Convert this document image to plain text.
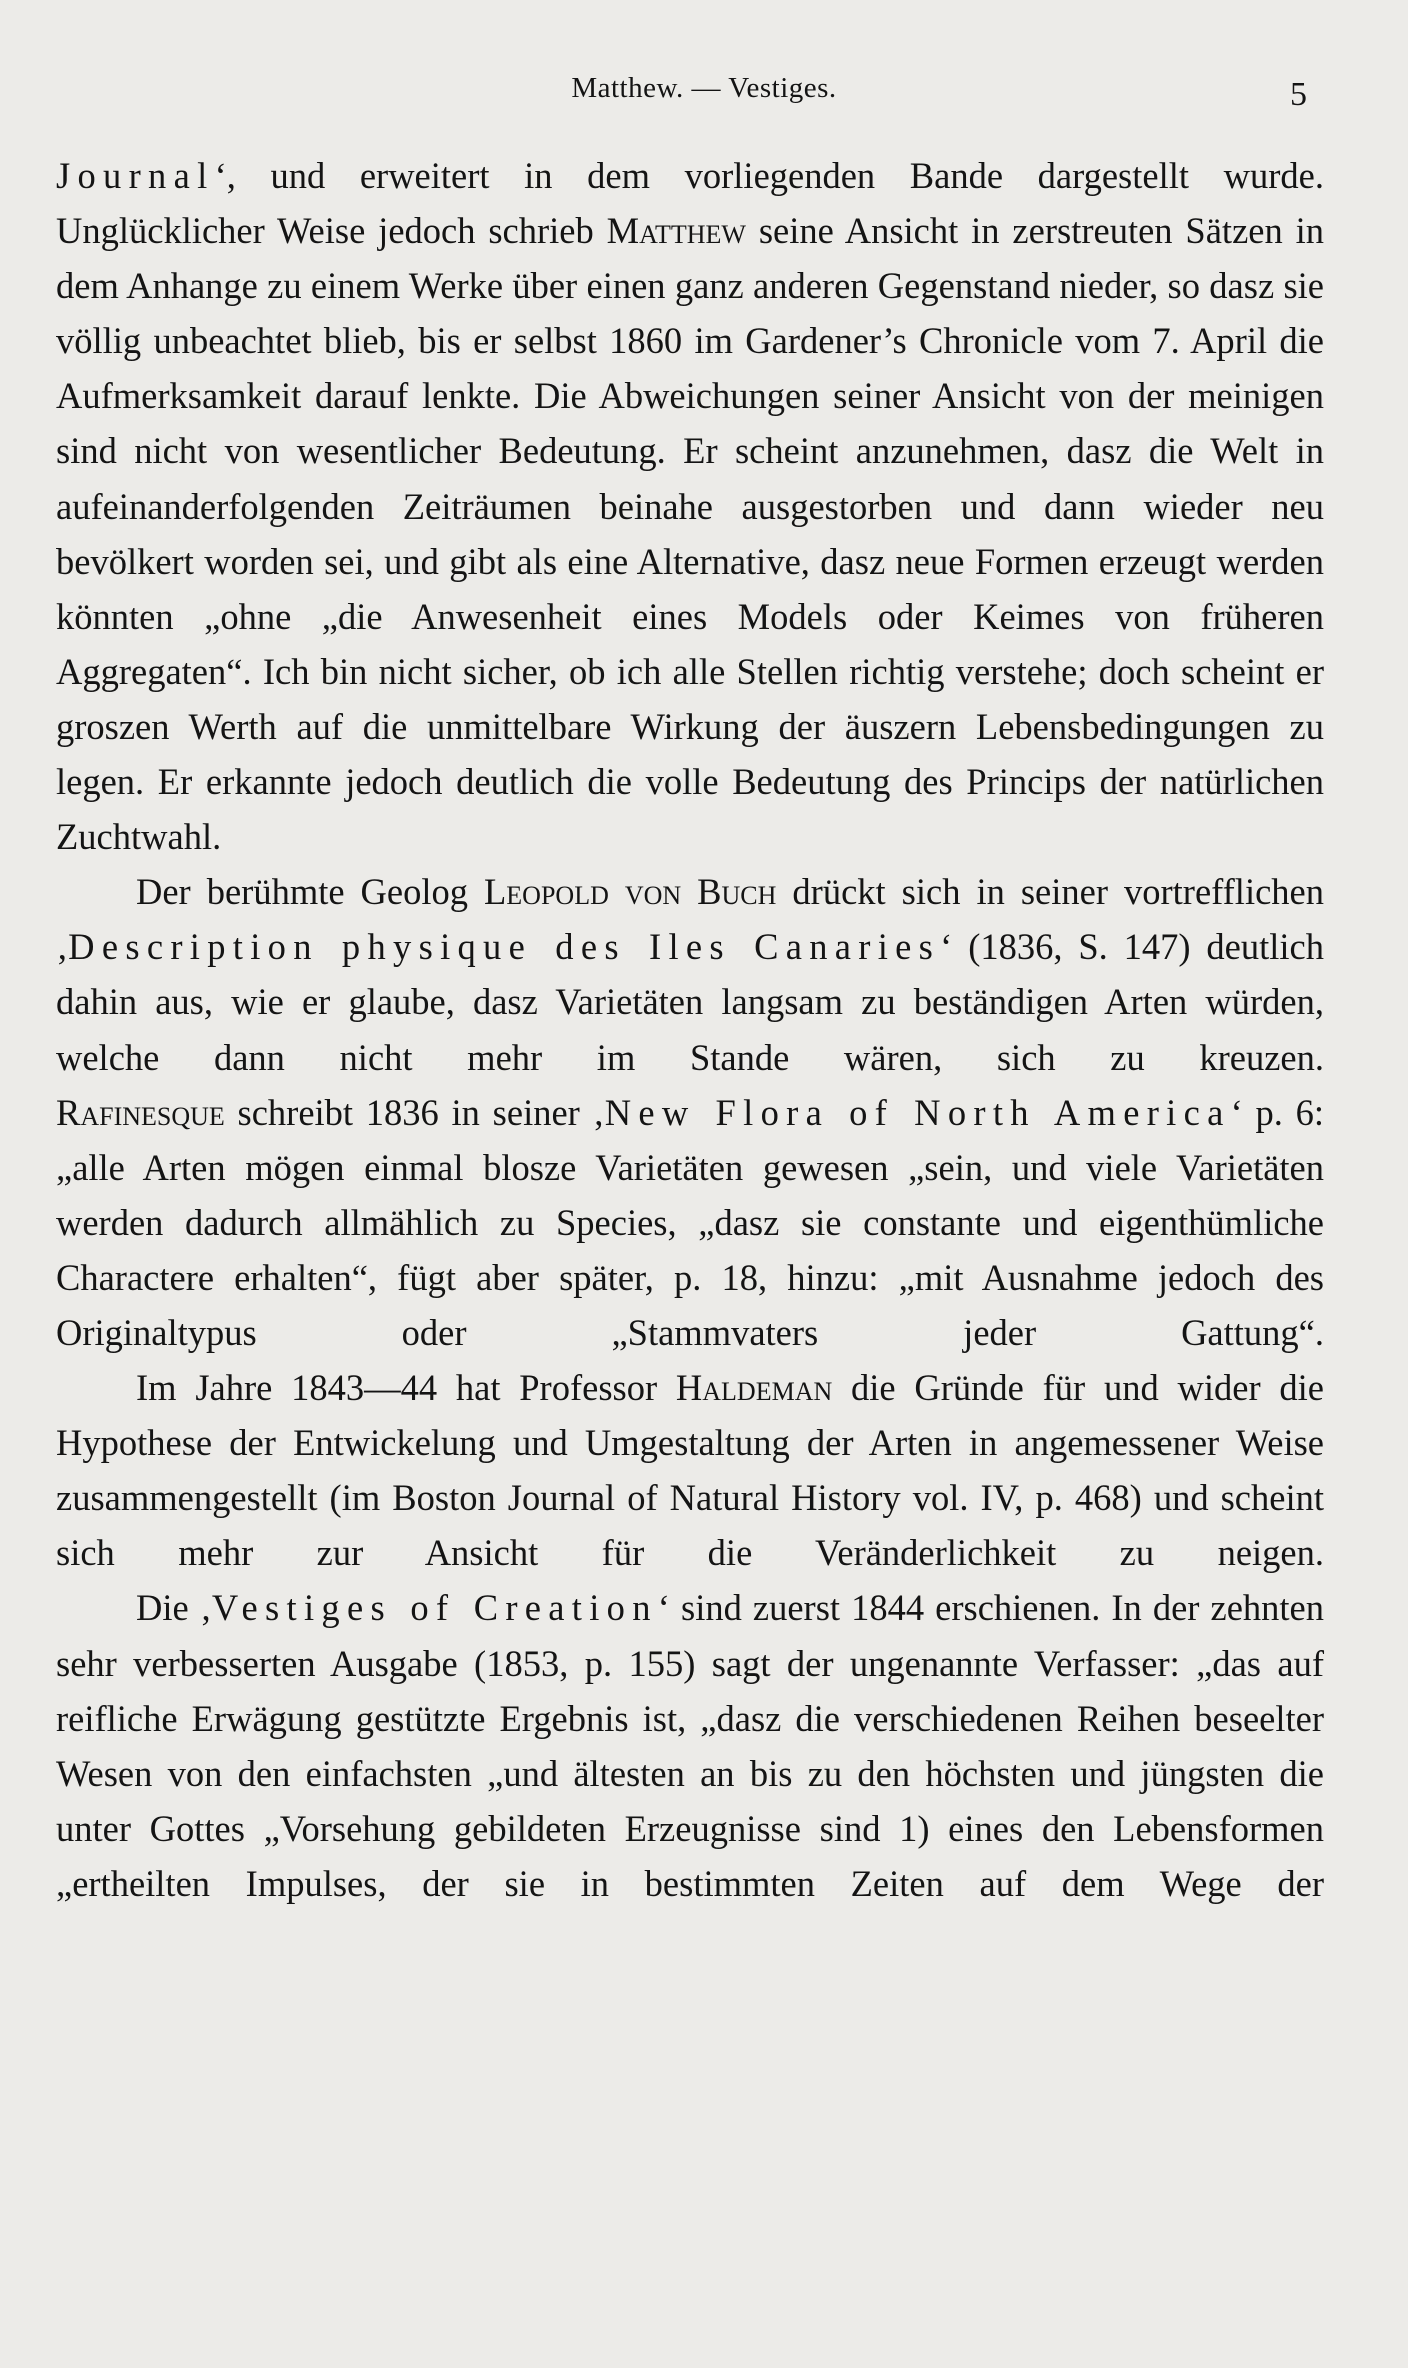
Matthew. — Vestiges.	5

Journal‘, und erweitert in dem vorliegenden Bande dargestellt wurde. Unglücklicher Weise jedoch schrieb Matthew seine Ansicht in zerstreuten Sätzen in dem Anhange zu einem Werke über einen ganz anderen Gegenstand nieder, so dasz sie völlig unbeachtet blieb, bis er selbst 1860 im Gardener’s Chronicle vom 7. April die Aufmerksamkeit darauf lenkte. Die Abweichungen seiner Ansicht von der meinigen sind nicht von wesentlicher Bedeutung. Er scheint anzunehmen, dasz die Welt in aufeinanderfolgenden Zeiträumen beinahe ausgestorben und dann wieder neu bevölkert worden sei, und gibt als eine Alternative, dasz neue Formen erzeugt werden könnten „ohne „die Anwesenheit eines Models oder Keimes von früheren Aggregaten“. Ich bin nicht sicher, ob ich alle Stellen richtig verstehe; doch scheint er groszen Werth auf die unmittelbare Wirkung der äuszern Lebensbedingungen zu legen. Er erkannte jedoch deutlich die volle Bedeutung des Princips der natürlichen Zuchtwahl.

Der berühmte Geolog Leopold von Buch drückt sich in seiner vortrefflichen ‚Description physique des Iles Canaries‘ (1836, S. 147) deutlich dahin aus, wie er glaube, dasz Varietäten langsam zu beständigen Arten würden, welche dann nicht mehr im Stande wären, sich zu kreuzen.

Rafinesque schreibt 1836 in seiner ‚New Flora of North America‘ p. 6: „alle Arten mögen einmal blosze Varietäten gewesen „sein, und viele Varietäten werden dadurch allmählich zu Species, „dasz sie constante und eigenthümliche Charactere erhalten“, fügt aber später, p. 18, hinzu: „mit Ausnahme jedoch des Originaltypus oder „Stammvaters jeder Gattung“.

Im Jahre 1843—44 hat Professor Haldeman die Gründe für und wider die Hypothese der Entwickelung und Umgestaltung der Arten in angemessener Weise zusammengestellt (im Boston Journal of Natural History vol. IV, p. 468) und scheint sich mehr zur Ansicht für die Veränderlichkeit zu neigen.

Die ‚Vestiges of Creation‘ sind zuerst 1844 erschienen. In der zehnten sehr verbesserten Ausgabe (1853, p. 155) sagt der ungenannte Verfasser: „das auf reifliche Erwägung gestützte Ergebnis ist, „dasz die verschiedenen Reihen beseelter Wesen von den einfachsten „und ältesten an bis zu den höchsten und jüngsten die unter Gottes „Vorsehung gebildeten Erzeugnisse sind 1) eines den Lebensformen „ertheilten Impulses, der sie in bestimmten Zeiten auf dem Wege der
